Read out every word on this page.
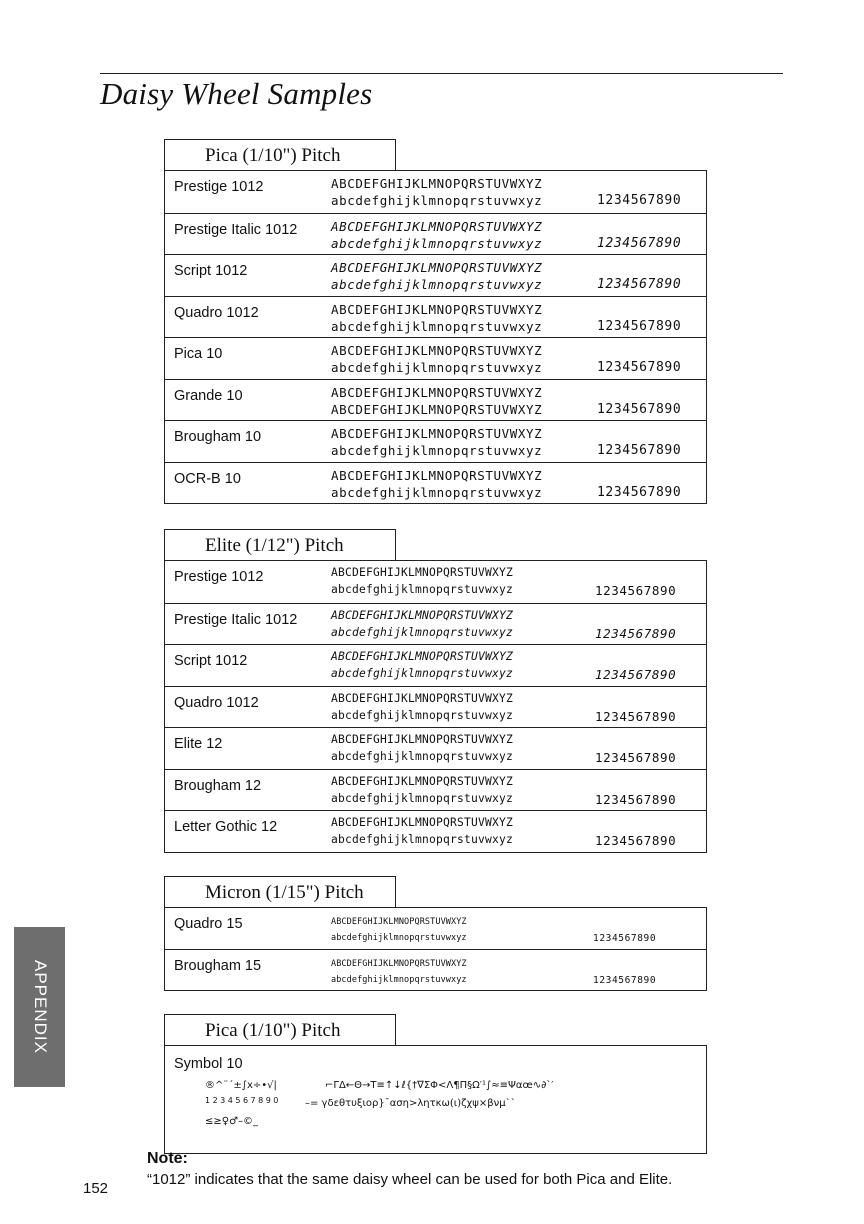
Daisy Wheel Samples
Pica (1/10") Pitch
Prestige 1012	ABCDEFGHIJKLMNOPQRSTUVWXYZ
abcdefghijklmnopqrstuvwxyz	1234567890
Prestige Italic 1012	ABCDEFGHIJKLMNOPQRSTUVWXYZ
abcdefghijklmnopqrstuvwxyz	1234567890
Script 1012	ABCDEFGHIJKLMNOPQRSTUVWXYZ
abcdefghijklmnopqrstuvwxyz	1234567890
Quadro 1012	ABCDEFGHIJKLMNOPQRSTUVWXYZ
abcdefghijklmnopqrstuvwxyz	1234567890
Pica 10	ABCDEFGHIJKLMNOPQRSTUVWXYZ
abcdefghijklmnopqrstuvwxyz	1234567890
Grande 10	ABCDEFGHIJKLMNOPQRSTUVWXYZ
ABCDEFGHIJKLMNOPQRSTUVWXYZ	1234567890
Brougham 10	ABCDEFGHIJKLMNOPQRSTUVWXYZ
abcdefghijklmnopqrstuvwxyz	1234567890
OCR-B 10	ABCDEFGHIJKLMNOPQRSTUVWXYZ
abcdefghijklmnopqrstuvwxyz	1234567890
Elite (1/12") Pitch
Prestige 1012	ABCDEFGHIJKLMNOPQRSTUVWXYZ
abcdefghijklmnopqrstuvwxyz	1234567890
Prestige Italic 1012	ABCDEFGHIJKLMNOPQRSTUVWXYZ
abcdefghijklmnopqrstuvwxyz	1234567890
Script 1012	ABCDEFGHIJKLMNOPQRSTUVWXYZ
abcdefghijklmnopqrstuvwxyz	1234567890
Quadro 1012	ABCDEFGHIJKLMNOPQRSTUVWXYZ
abcdefghijklmnopqrstuvwxyz	1234567890
Elite 12	ABCDEFGHIJKLMNOPQRSTUVWXYZ
abcdefghijklmnopqrstuvwxyz	1234567890
Brougham 12	ABCDEFGHIJKLMNOPQRSTUVWXYZ
abcdefghijklmnopqrstuvwxyz	1234567890
Letter Gothic 12	ABCDEFGHIJKLMNOPQRSTUVWXYZ
abcdefghijklmnopqrstuvwxyz	1234567890
Micron (1/15") Pitch
Quadro 15	ABCDEFGHIJKLMNOPQRSTUVWXYZ
abcdefghijklmnopqrstuvwxyz	1234567890
Brougham 15	ABCDEFGHIJKLMNOPQRSTUVWXYZ
abcdefghijklmnopqrstuvwxyz	1234567890
Pica (1/10") Pitch
Symbol 10
®^¨´±∫x÷•√|	⌐ΓΔ←Θ→T≡↑↓ℓ{†∇ΣΦ<Λ¶Π§Ω′¹∫≈≡Ψαœ∿∂`′
1234567890 –= γδεθτυξιορ}¯αση>λητκω(ι)ζχψ×βνμ``
≤≥♀♂–©_
APPENDIX
Note:
“1012” indicates that the same daisy wheel can be used for both Pica and Elite.
152
